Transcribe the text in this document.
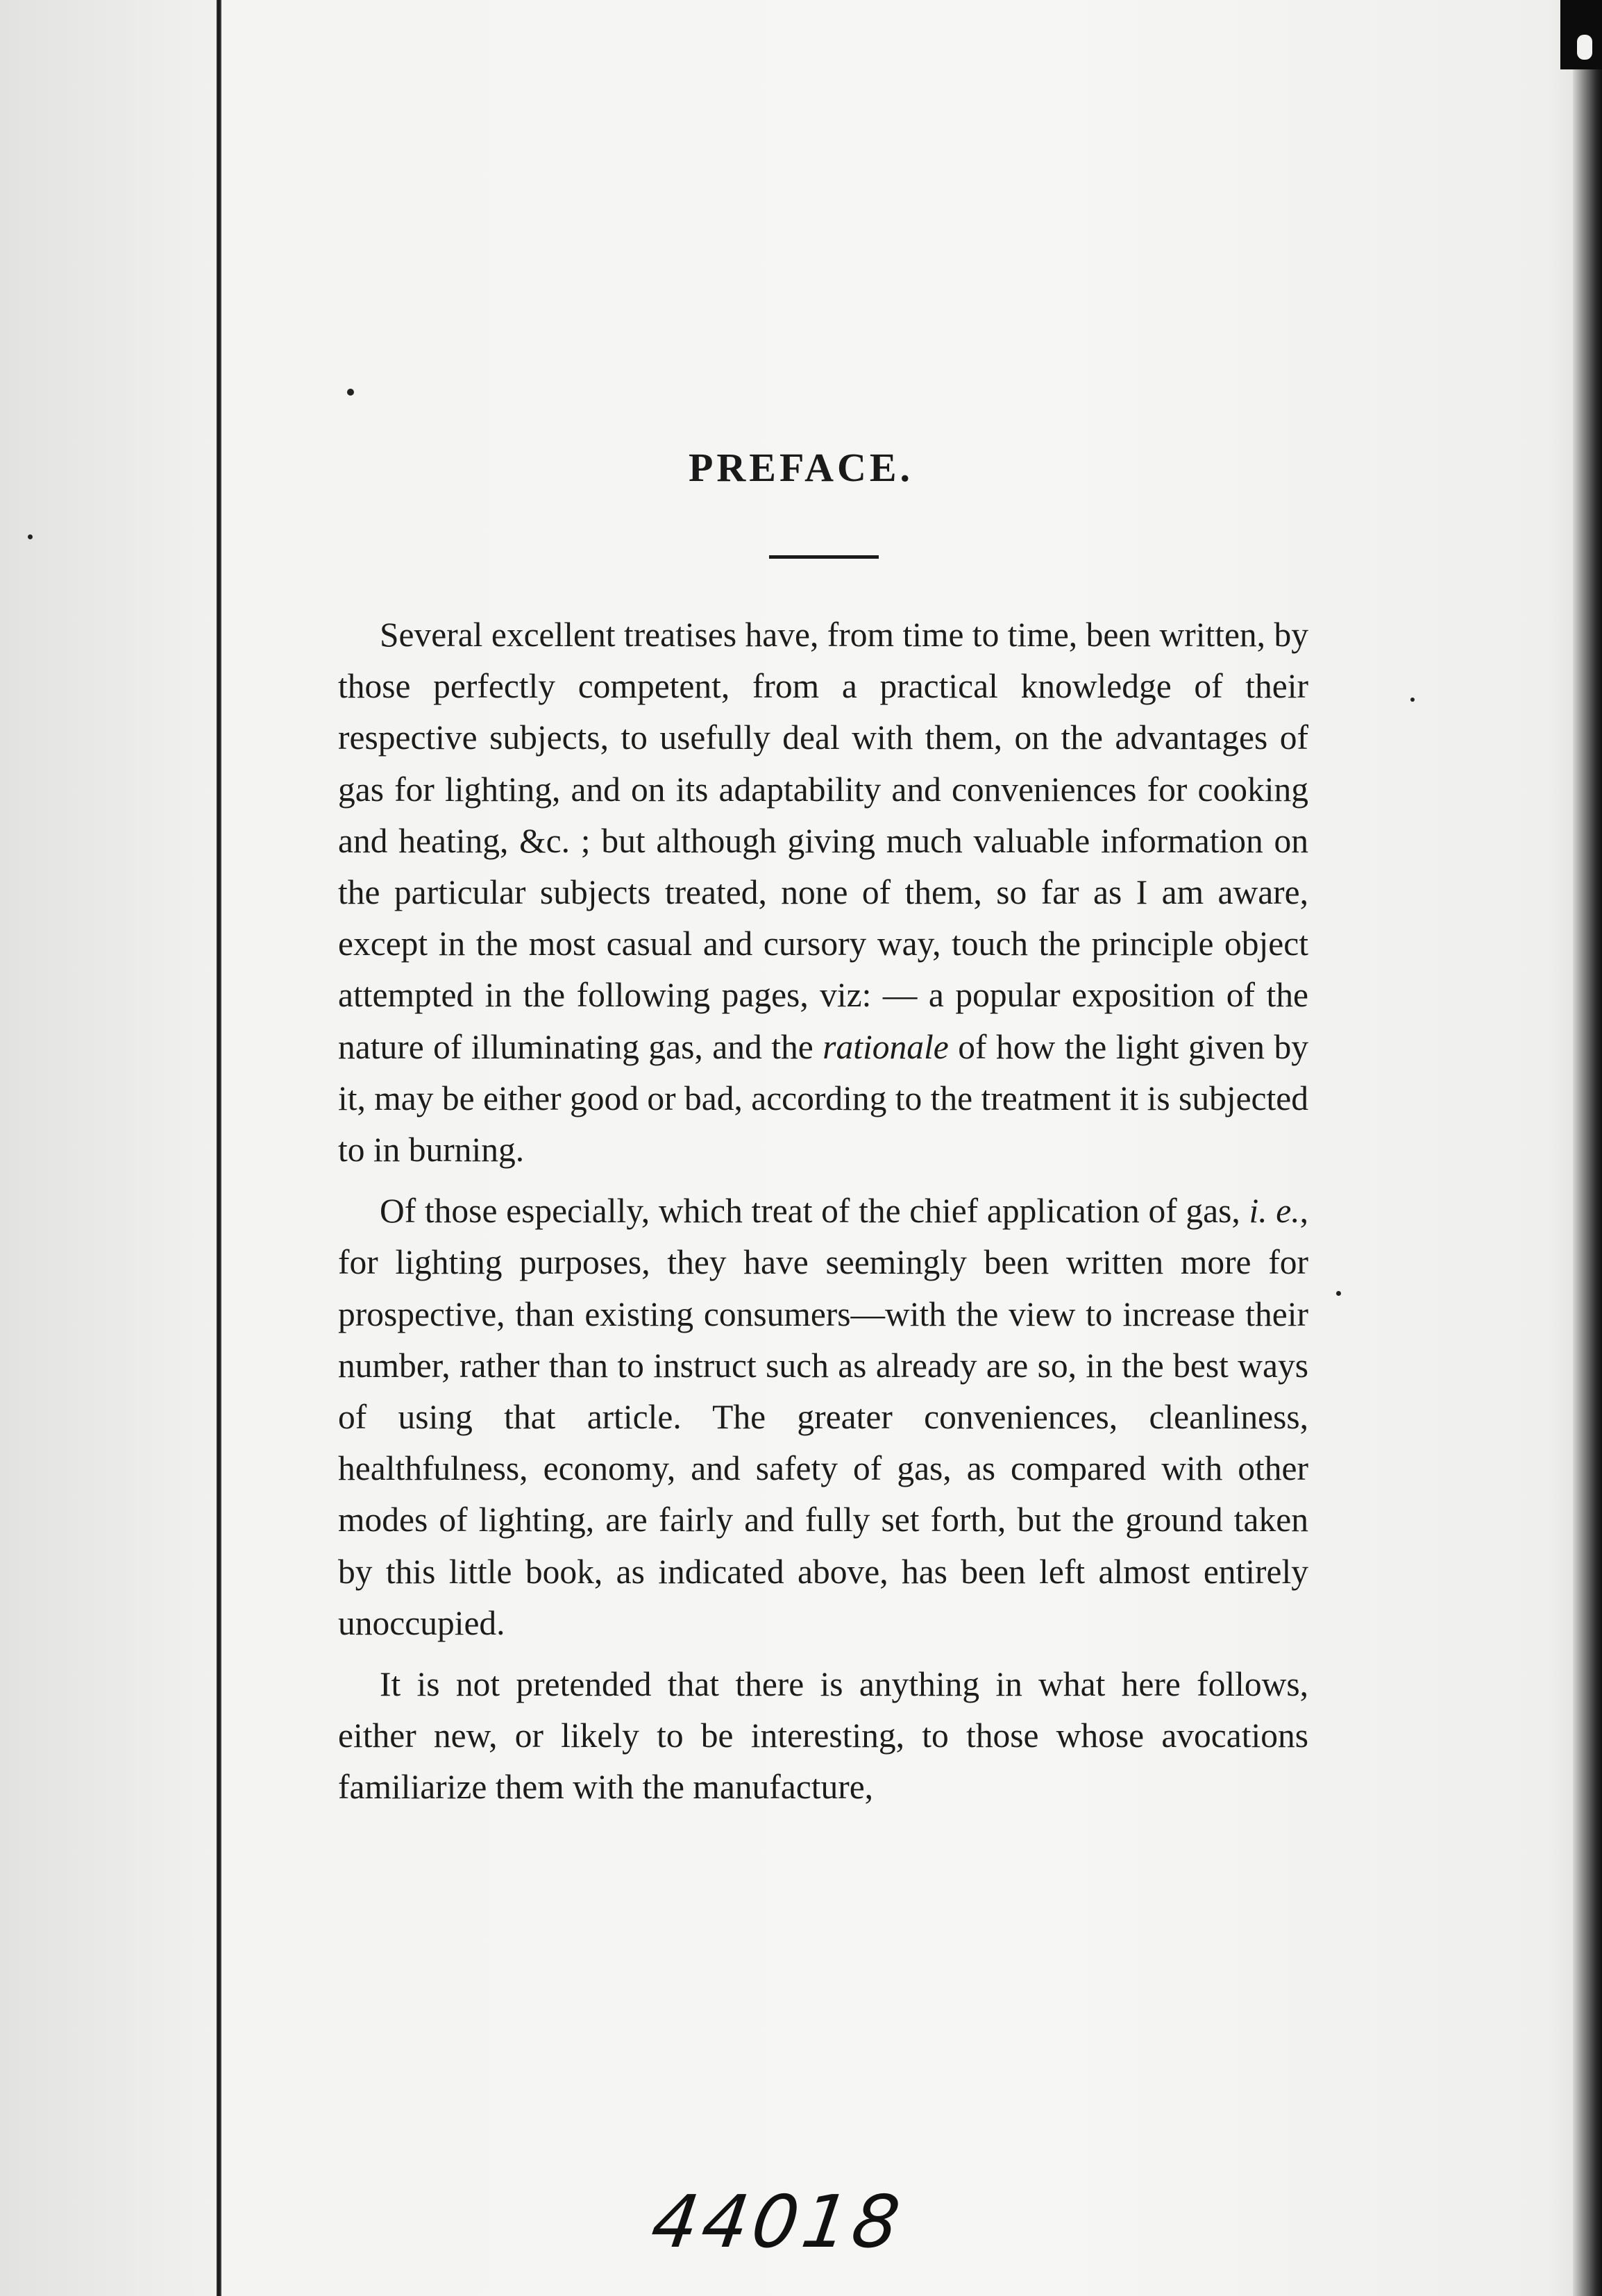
PREFACE.

Several excellent treatises have, from time to time, been written, by those perfectly competent, from a practical knowledge of their respective subjects, to usefully deal with them, on the advantages of gas for lighting, and on its adaptability and conveniences for cooking and heating, &c. ; but although giving much valuable information on the particular subjects treated, none of them, so far as I am aware, except in the most casual and cursory way, touch the principle object attempted in the following pages, viz: — a popular exposition of the nature of illuminating gas, and the rationale of how the light given by it, may be either good or bad, according to the treatment it is subjected to in burning.

Of those especially, which treat of the chief application of gas, i. e., for lighting purposes, they have seemingly been written more for prospective, than existing consumers—with the view to increase their number, rather than to instruct such as already are so, in the best ways of using that article. The greater conveniences, cleanliness, healthfulness, economy, and safety of gas, as compared with other modes of lighting, are fairly and fully set forth, but the ground taken by this little book, as indicated above, has been left almost entirely unoccupied.

It is not pretended that there is anything in what here follows, either new, or likely to be interesting, to those whose avocations familiarize them with the manufacture,

44018
